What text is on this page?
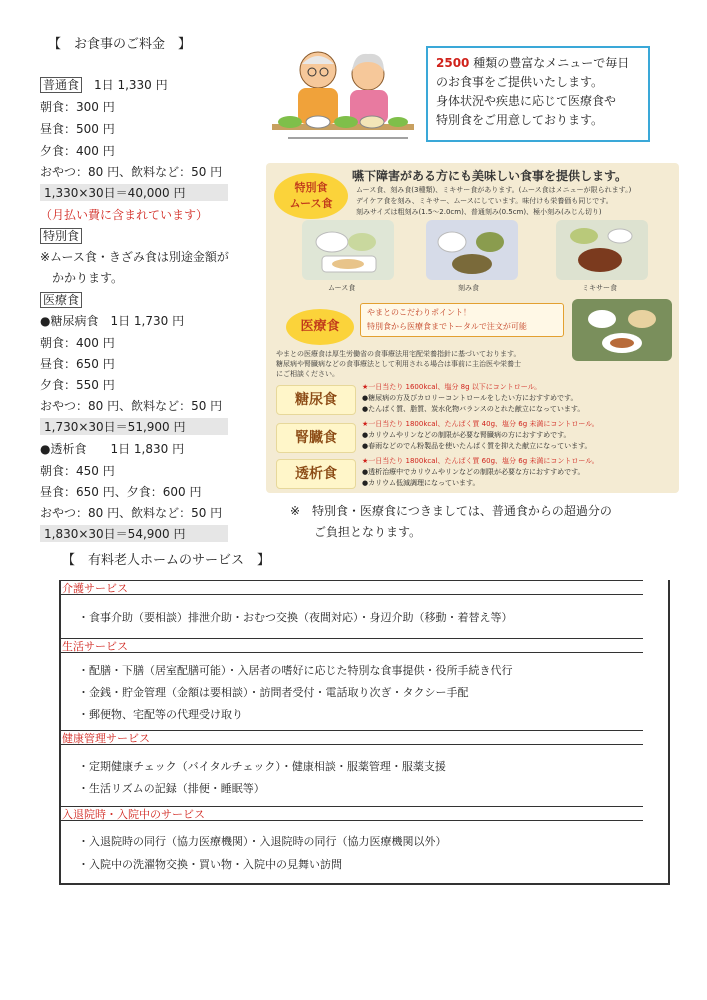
【　お食事のご料金　】
普通食　1日 1,330 円
朝食：300 円
昼食：500 円
夕食：400 円
おやつ：80 円、飲料など：50 円
1,330×30日＝40,000 円
（月払い費に含まれています）
特別食
※ムース食・きざみ食は別途金額が
　かかります。
医療食
●糖尿病食　1日 1,730 円
朝食：400 円
昼食：650 円
夕食：550 円
おやつ：80 円、飲料など：50 円
1,730×30日＝51,900 円
●透析食　　1日 1,830 円
朝食：450 円
昼食：650 円、夕食：600 円
おやつ：80 円、飲料など：50 円
1,830×30日＝54,900 円
2500 種類の豊富なメニューで毎日
のお食事をご提供いたします。
身体状況や疾患に応じて医療食や
特別食をご用意しております。
嚥下障害がある方にも美味しい食事を提供します。
特別食
ムース食
ムース食、刻み食(3種類)、ミキサー食があります。(ムース食はメニューが限られます。)
デイケア食を刻み、ミキサー、ムースにしています。味付けも栄養価も同じです。
刻みサイズは粗刻み(1.5〜2.0cm)、普通刻み(0.5cm)、極小刻み(みじん切り)
ムース食	刻み食	ミキサー食
医療食
やまとのこだわりポイント！
特別食から医療食までトータルで注文が可能
やまとの医療食は厚生労働省の食事療法用宅配栄養指針に基づいております。
糖尿病や腎臓病などの食事療法として利用される場合は事前に主治医や栄養士
にご相談ください。
糖尿食
★一日当たり 1600kcal、塩分 8g 以下にコントロール。
●糖尿病の方及びカロリーコントロールをしたい方におすすめです。
●たんぱく質、脂質、炭水化物バランスのとれた献立になっています。
腎臓食
★一日当たり 1800kcal、たんぱく質 40g、塩分 6g 未満にコントロール。
●カリウムやリンなどの制限が必要な腎臓病の方におすすめです。
●春雨などのでん粉製品を使いたんぱく質を抑えた献立になっています。
透析食
★一日当たり 1800kcal、たんぱく質 60g、塩分 6g 未満にコントロール。
●透析治療中でカリウムやリンなどの制限が必要な方におすすめです。
●カリウム低減調理になっています。
※　特別食・医療食につきましては、普通食からの超過分の
　　ご負担となります。
【　有料老人ホームのサービス　】
介護サービス
・食事介助（要相談）排泄介助・おむつ交換（夜間対応）・身辺介助（移動・着替え等）
生活サービス
・配膳・下膳（居室配膳可能）・入居者の嗜好に応じた特別な食事提供・役所手続き代行
・金銭・貯金管理（金額は要相談）・訪問者受付・電話取り次ぎ・タクシー手配
・郵便物、宅配等の代理受け取り
健康管理サービス
・定期健康チェック（バイタルチェック）・健康相談・服薬管理・服薬支援
・生活リズムの記録（排便・睡眠等）
入退院時・入院中のサービス
・入退院時の同行（協力医療機関）・入退院時の同行（協力医療機関以外）
・入院中の洗濯物交換・買い物・入院中の見舞い訪問
